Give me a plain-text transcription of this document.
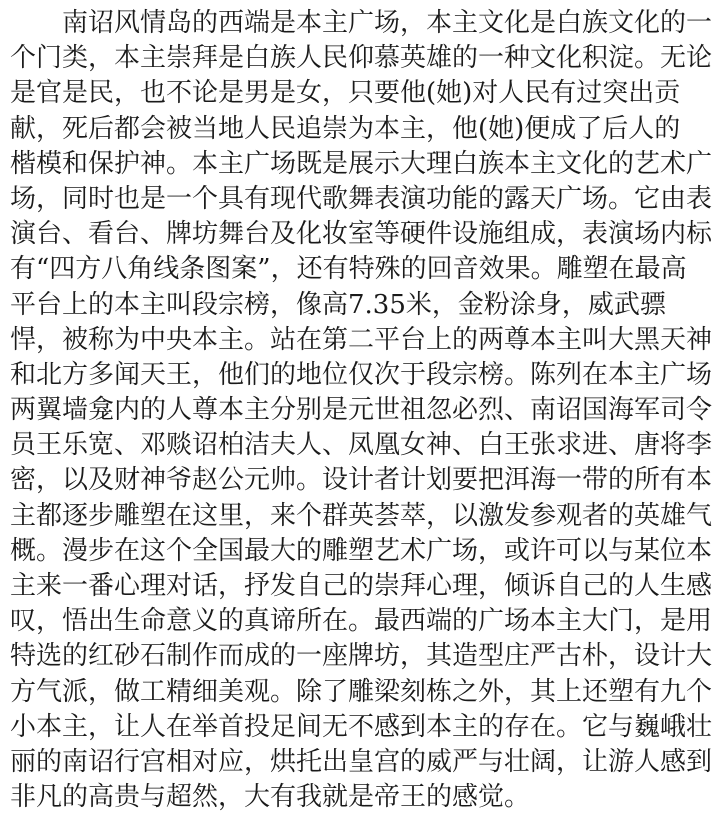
南诏风情岛的西端是本主广场，本主文化是白族文化的一
个门类，本主崇拜是白族人民仰慕英雄的一种文化积淀。无论
是官是民，也不论是男是女，只要他(她)对人民有过突出贡
献，死后都会被当地人民追崇为本主，他(她)便成了后人的
楷模和保护神。本主广场既是展示大理白族本主文化的艺术广
场，同时也是一个具有现代歌舞表演功能的露天广场。它由表
演台、看台、牌坊舞台及化妆室等硬件设施组成，表演场内标
有“四方八角线条图案”，还有特殊的回音效果。雕塑在最高
平台上的本主叫段宗榜，像高7.35米，金粉涂身，威武骠
悍，被称为中央本主。站在第二平台上的两尊本主叫大黑天神
和北方多闻天王，他们的地位仅次于段宗榜。陈列在本主广场
两翼墙龛内的人尊本主分别是元世祖忽必烈、南诏国海军司令
员王乐宽、邓赕诏柏洁夫人、凤凰女神、白王张求进、唐将李
密，以及财神爷赵公元帅。设计者计划要把洱海一带的所有本
主都逐步雕塑在这里，来个群英荟萃，以激发参观者的英雄气
概。漫步在这个全国最大的雕塑艺术广场，或许可以与某位本
主来一番心理对话，抒发自己的崇拜心理，倾诉自己的人生感
叹，悟出生命意义的真谛所在。最西端的广场本主大门，是用
特选的红砂石制作而成的一座牌坊，其造型庄严古朴，设计大
方气派，做工精细美观。除了雕梁刻栋之外，其上还塑有九个
小本主，让人在举首投足间无不感到本主的存在。它与巍峨壮
丽的南诏行宫相对应，烘托出皇宫的威严与壮阔，让游人感到
非凡的高贵与超然，大有我就是帝王的感觉。
